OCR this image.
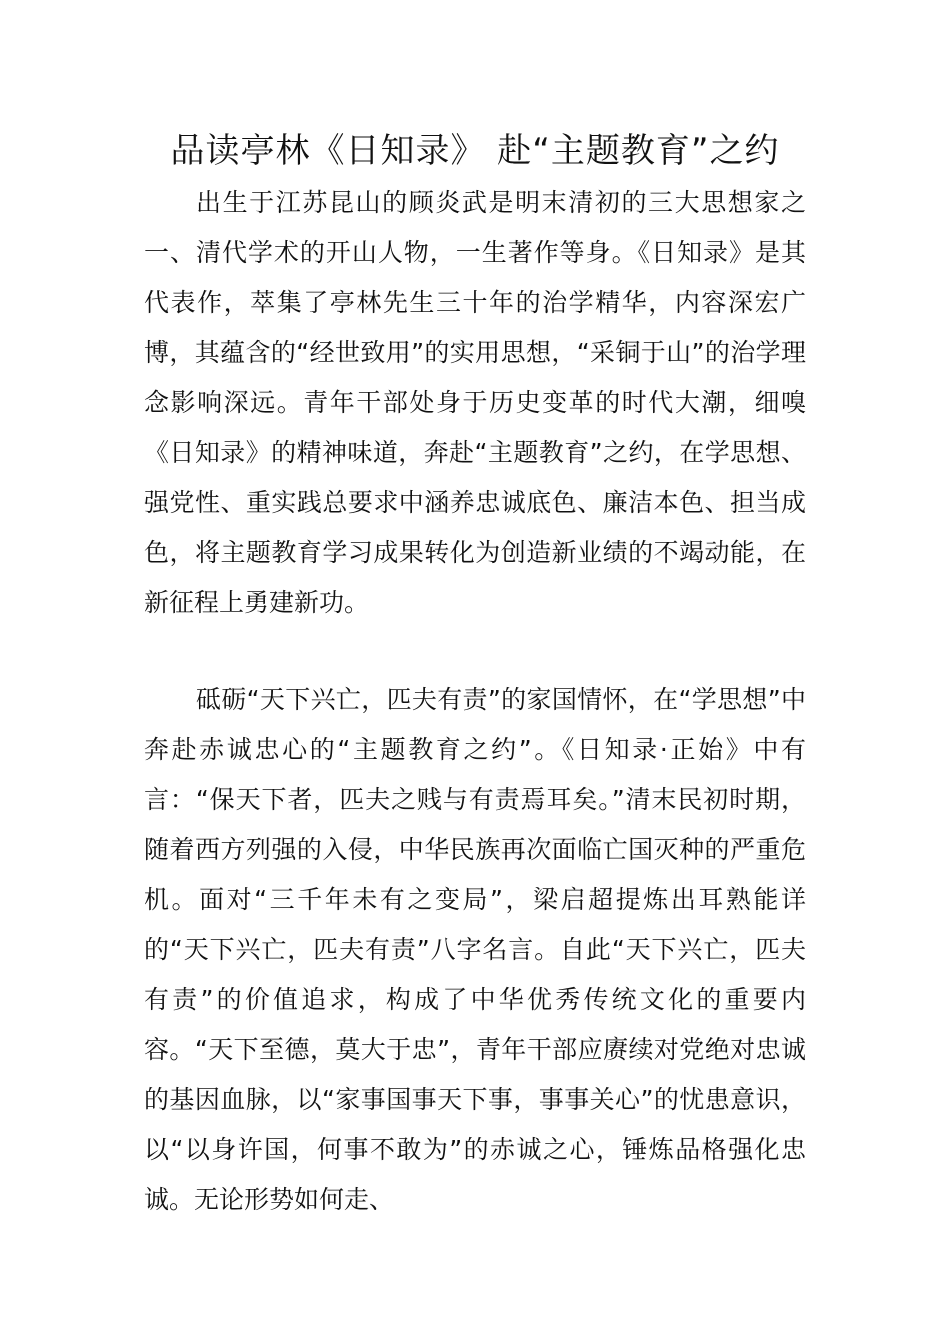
品读亭林《日知录》 赴“主题教育”之约

出生于江苏昆山的顾炎武是明末清初的三大思想家之一、清代学术的开山人物，一生著作等身。《日知录》是其代表作，萃集了亭林先生三十年的治学精华，内容深宏广博，其蕴含的“经世致用”的实用思想，“采铜于山”的治学理念影响深远。青年干部处身于历史变革的时代大潮，细嗅《日知录》的精神味道，奔赴“主题教育”之约，在学思想、强党性、重实践总要求中涵养忠诚底色、廉洁本色、担当成色，将主题教育学习成果转化为创造新业绩的不竭动能，在新征程上勇建新功。

砥砺“天下兴亡，匹夫有责”的家国情怀，在“学思想”中奔赴赤诚忠心的“主题教育之约”。《日知录·正始》中有言：“保天下者，匹夫之贱与有责焉耳矣。”清末民初时期，随着西方列强的入侵，中华民族再次面临亡国灭种的严重危机。面对“三千年未有之变局”，梁启超提炼出耳熟能详的“天下兴亡，匹夫有责”八字名言。自此“天下兴亡，匹夫有责”的价值追求，构成了中华优秀传统文化的重要内容。“天下至德，莫大于忠”，青年干部应赓续对党绝对忠诚的基因血脉，以“家事国事天下事，事事关心”的忧患意识，以“以身许国，何事不敢为”的赤诚之心，锤炼品格强化忠诚。无论形势如何走、
